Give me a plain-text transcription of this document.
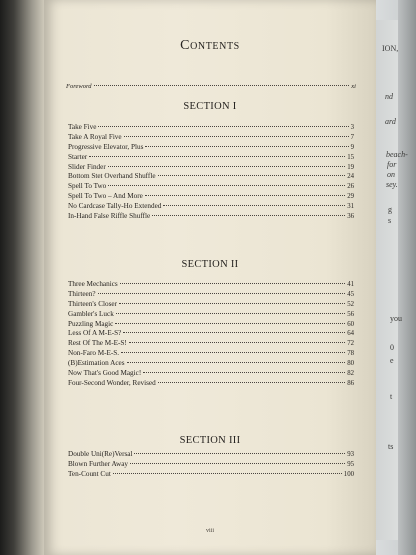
ION,
nd
ard
beach-
for
on
sey.
g
s
you
0
e
t
ts
Contents
Foreword	xi
SECTION I
Take Five	3
Take A Royal Five	7
Progressive Elevator, Plus	9
Starter	15
Slider Finder	19
Bottom Stet Overhand Shuffle	24
Spell To Two	26
Spell To Two – And More	29
No Cardcase Tally-Ho Extended	31
In-Hand False Riffle Shuffle	36
SECTION II
Three Mechanics	41
Thirteen?	45
Thirteen's Closer	52
Gambler's Luck	56
Puzzling Magic	60
Less Of A M-E-S?	64
Rest Of The M-E-S!	72
Non-Faro M-E-S.	78
(B)Estimation Aces	80
Now That's Good Magic!	82
Four-Second Wonder, Revised	86
SECTION III
Double Uni(Re)Versal	93
Blown Further Away	95
Ten-Count Cut	100
viii
